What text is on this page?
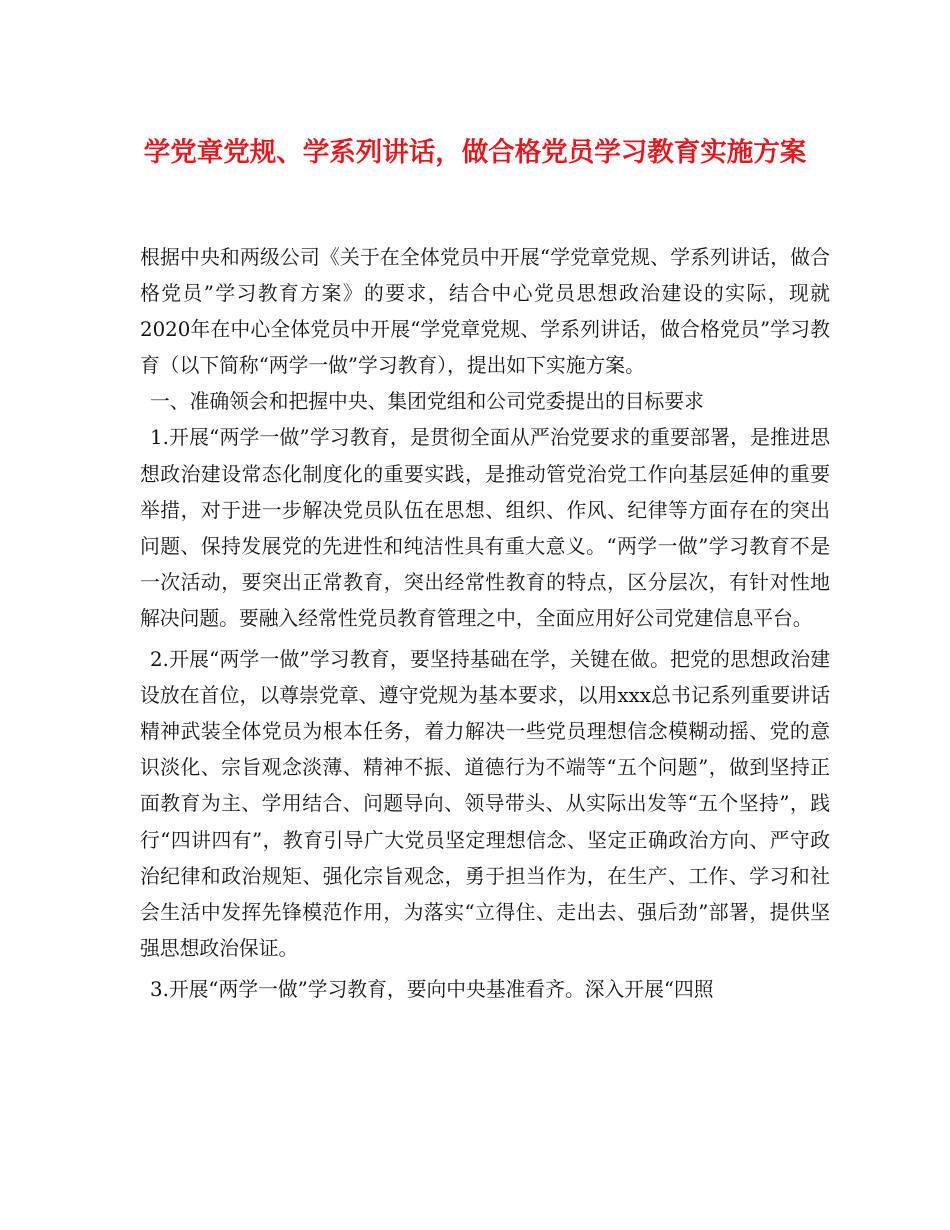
学党章党规、学系列讲话，做合格党员学习教育实施方案

根据中央和两级公司《关于在全体党员中开展“学党章党规、学系列讲话，做合格党员”学习教育方案》的要求，结合中心党员思想政治建设的实际，现就2020年在中心全体党员中开展“学党章党规、学系列讲话，做合格党员”学习教育（以下简称“两学一做”学习教育），提出如下实施方案。

一、准确领会和把握中央、集团党组和公司党委提出的目标要求

1.开展“两学一做”学习教育，是贯彻全面从严治党要求的重要部署，是推进思想政治建设常态化制度化的重要实践，是推动管党治党工作向基层延伸的重要举措，对于进一步解决党员队伍在思想、组织、作风、纪律等方面存在的突出问题、保持发展党的先进性和纯洁性具有重大意义。“两学一做”学习教育不是一次活动，要突出正常教育，突出经常性教育的特点，区分层次，有针对性地解决问题。要融入经常性党员教育管理之中，全面应用好公司党建信息平台。

2.开展“两学一做”学习教育，要坚持基础在学，关键在做。把党的思想政治建设放在首位，以尊崇党章、遵守党规为基本要求，以用xxx总书记系列重要讲话精神武装全体党员为根本任务，着力解决一些党员理想信念模糊动摇、党的意识淡化、宗旨观念淡薄、精神不振、道德行为不端等“五个问题”，做到坚持正面教育为主、学用结合、问题导向、领导带头、从实际出发等“五个坚持”，践行“四讲四有”，教育引导广大党员坚定理想信念、坚定正确政治方向、严守政治纪律和政治规矩、强化宗旨观念，勇于担当作为，在生产、工作、学习和社会生活中发挥先锋模范作用，为落实“立得住、走出去、强后劲”部署，提供坚强思想政治保证。

3.开展“两学一做”学习教育，要向中央基准看齐。深入开展“四照
